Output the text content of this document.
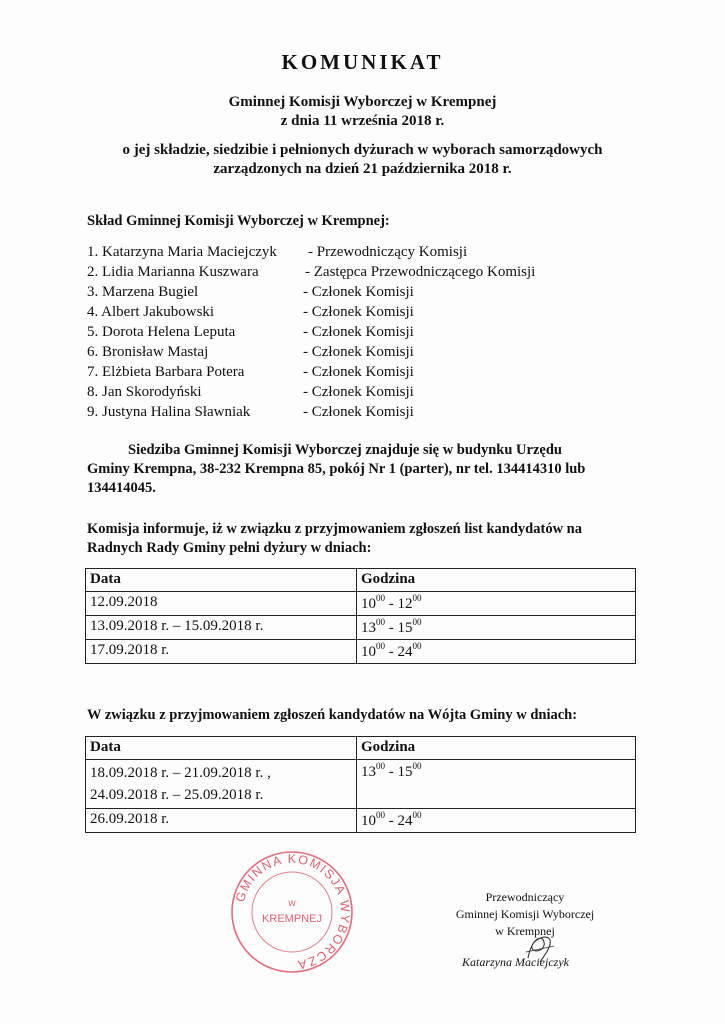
KOMUNIKAT
Gminnej Komisji Wyborczej w Krempnej
z dnia 11 września 2018 r.
o jej składzie, siedzibie i pełnionych dyżurach w wyborach samorządowych
zarządzonych na dzień 21 października 2018 r.
Skład Gminnej Komisji Wyborczej w Krempnej:
1. Katarzyna Maria Maciejczyk - Przewodniczący Komisji
2. Lidia Marianna Kuszwara	- Zastępca Przewodniczącego Komisji
3. Marzena Bugiel	- Członek Komisji
4. Albert Jakubowski	- Członek Komisji
5. Dorota Helena Leputa	- Członek Komisji
6. Bronisław Mastaj	- Członek Komisji
7. Elżbieta Barbara Potera	- Członek Komisji
8. Jan Skorodyński	- Członek Komisji
9. Justyna Halina Sławniak	- Członek Komisji
Siedziba Gminnej Komisji Wyborczej znajduje się w budynku Urzędu
Gminy Krempna, 38-232 Krempna 85, pokój Nr 1 (parter), nr tel. 134414310 lub
134414045.
Komisja informuje, iż w związku z przyjmowaniem zgłoszeń list kandydatów na
Radnych Rady Gminy pełni dyżury w dniach:
Data	Godzina
12.09.2018	$10^{00} - 12^{00}$
13.09.2018 r. – 15.09.2018 r.	$13^{00} - 15^{00}$
17.09.2018 r.	$10^{00} - 24^{00}$
W związku z przyjmowaniem zgłoszeń kandydatów na Wójta Gminy w dniach:
Data	Godzina

18.09.2018 r. – 21.09.2018 r. ,
24.09.2018 r. – 25.09.2018 r.	$13^{00} - 15^{00}$
26.09.2018 r.	$10^{00} - 24^{00}$
GMINNA KOMISJA WYBORCZA
w
KREMPNEJ
Przewodniczący
Gminnej Komisji Wyborczej
w Krempnej
Katarzyna Maciejczyk
